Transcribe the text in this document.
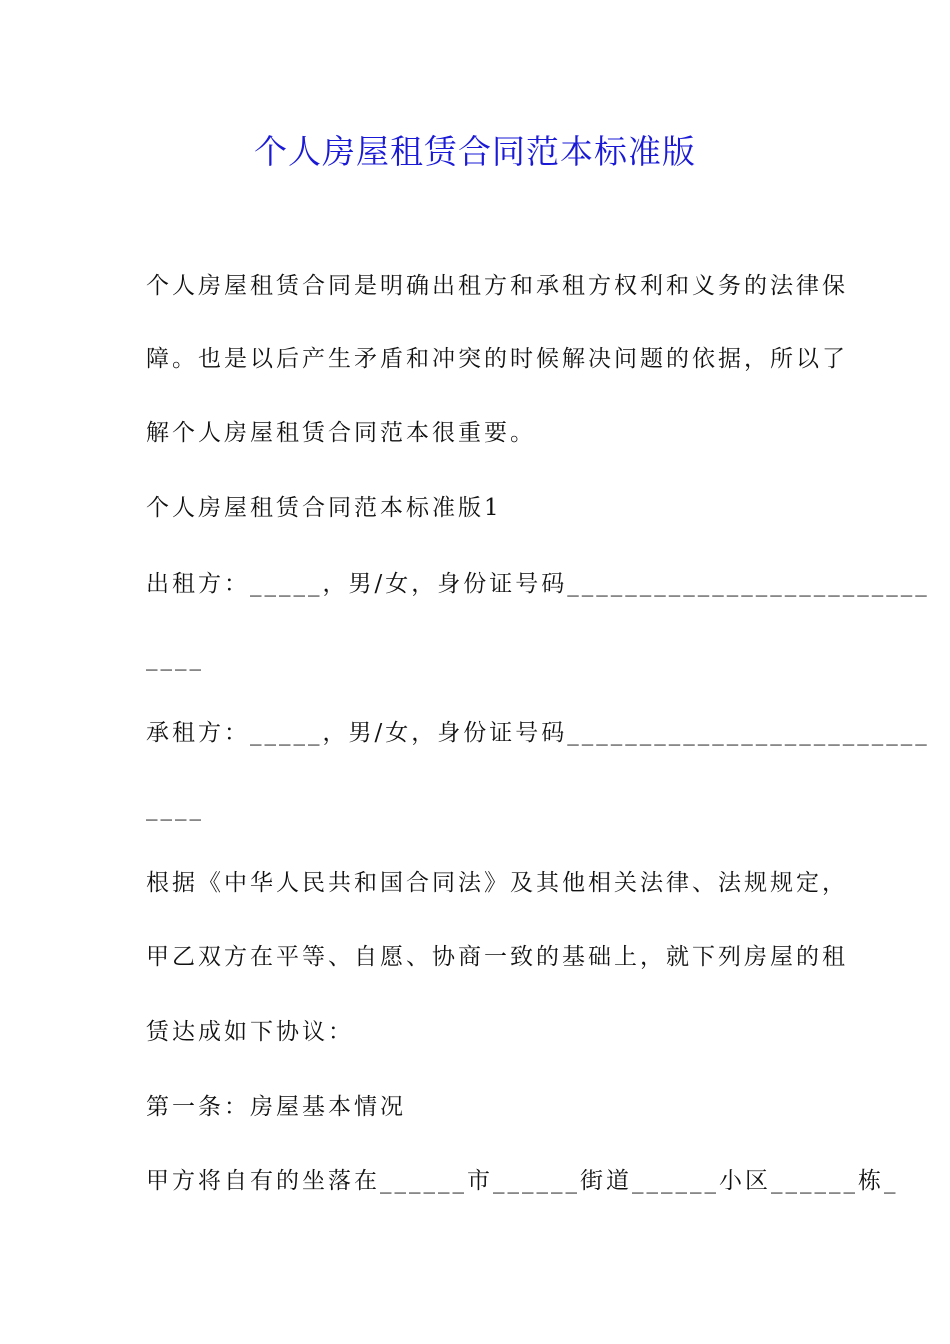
个人房屋租赁合同范本标准版

个人房屋租赁合同是明确出租方和承租方权利和义务的法律保

障。也是以后产生矛盾和冲突的时候解决问题的依据，所以了

解个人房屋租赁合同范本很重要。

个人房屋租赁合同范本标准版1

出租方：_____，男/女，身份证号码_________________________

____

承租方：_____，男/女，身份证号码_________________________

____

根据《中华人民共和国合同法》及其他相关法律、法规规定，

甲乙双方在平等、自愿、协商一致的基础上，就下列房屋的租

赁达成如下协议：

第一条：房屋基本情况

甲方将自有的坐落在______市______街道______小区______栋_
